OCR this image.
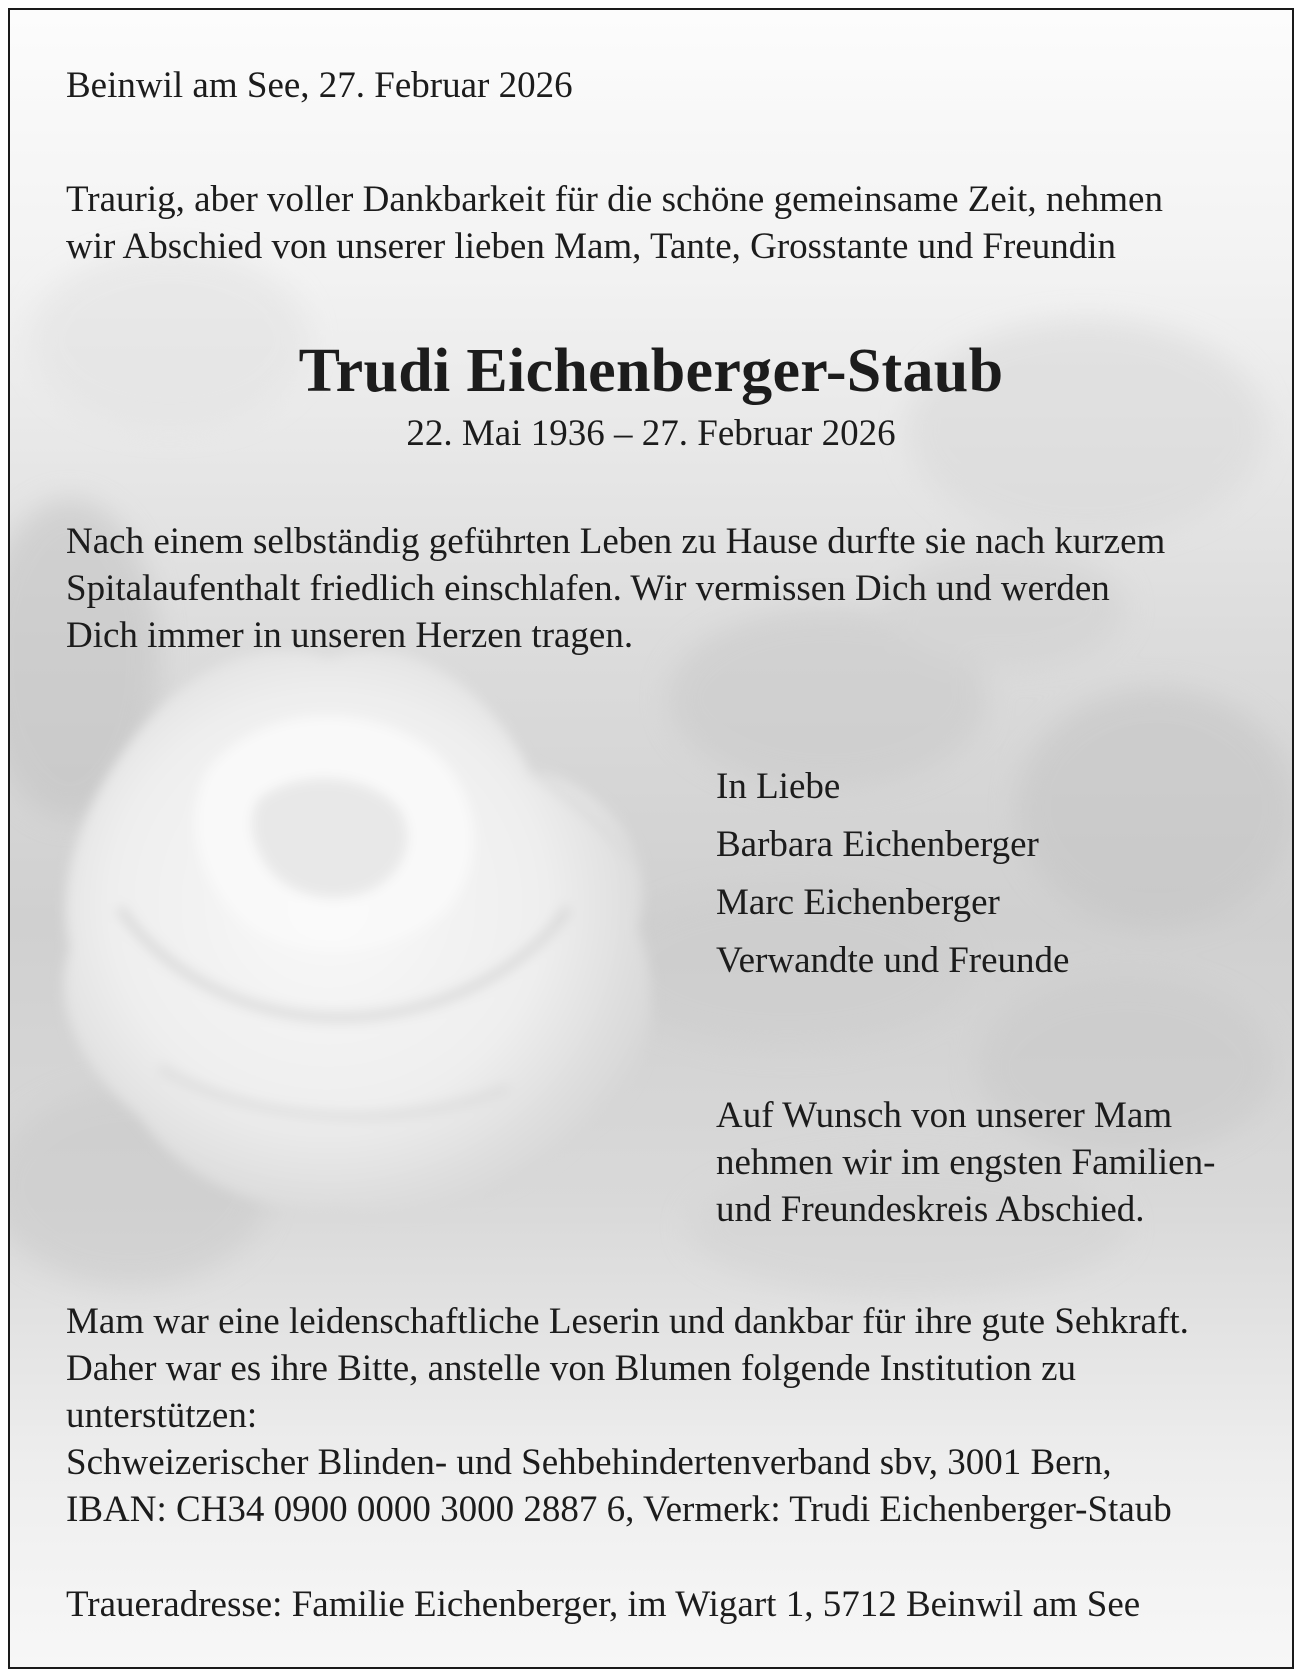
Beinwil am See, 27. Februar 2026
Traurig, aber voller Dankbarkeit für die schöne gemeinsame Zeit, nehmen
wir Abschied von unserer lieben Mam, Tante, Grosstante und Freundin
Trudi Eichenberger-Staub
22. Mai 1936 – 27. Februar 2026
Nach einem selbständig geführten Leben zu Hause durfte sie nach kurzem
Spitalaufenthalt friedlich einschlafen. Wir vermissen Dich und werden
Dich immer in unseren Herzen tragen.
In Liebe
Barbara Eichenberger
Marc Eichenberger
Verwandte und Freunde
Auf Wunsch von unserer Mam
nehmen wir im engsten Familien-
und Freundeskreis Abschied.
Mam war eine leidenschaftliche Leserin und dankbar für ihre gute Sehkraft.
Daher war es ihre Bitte, anstelle von Blumen folgende Institution zu
unterstützen:
Schweizerischer Blinden- und Sehbehindertenverband sbv, 3001 Bern,
IBAN: CH34 0900 0000 3000 2887 6, Vermerk: Trudi Eichenberger-Staub
Traueradresse: Familie Eichenberger, im Wigart 1, 5712 Beinwil am See
